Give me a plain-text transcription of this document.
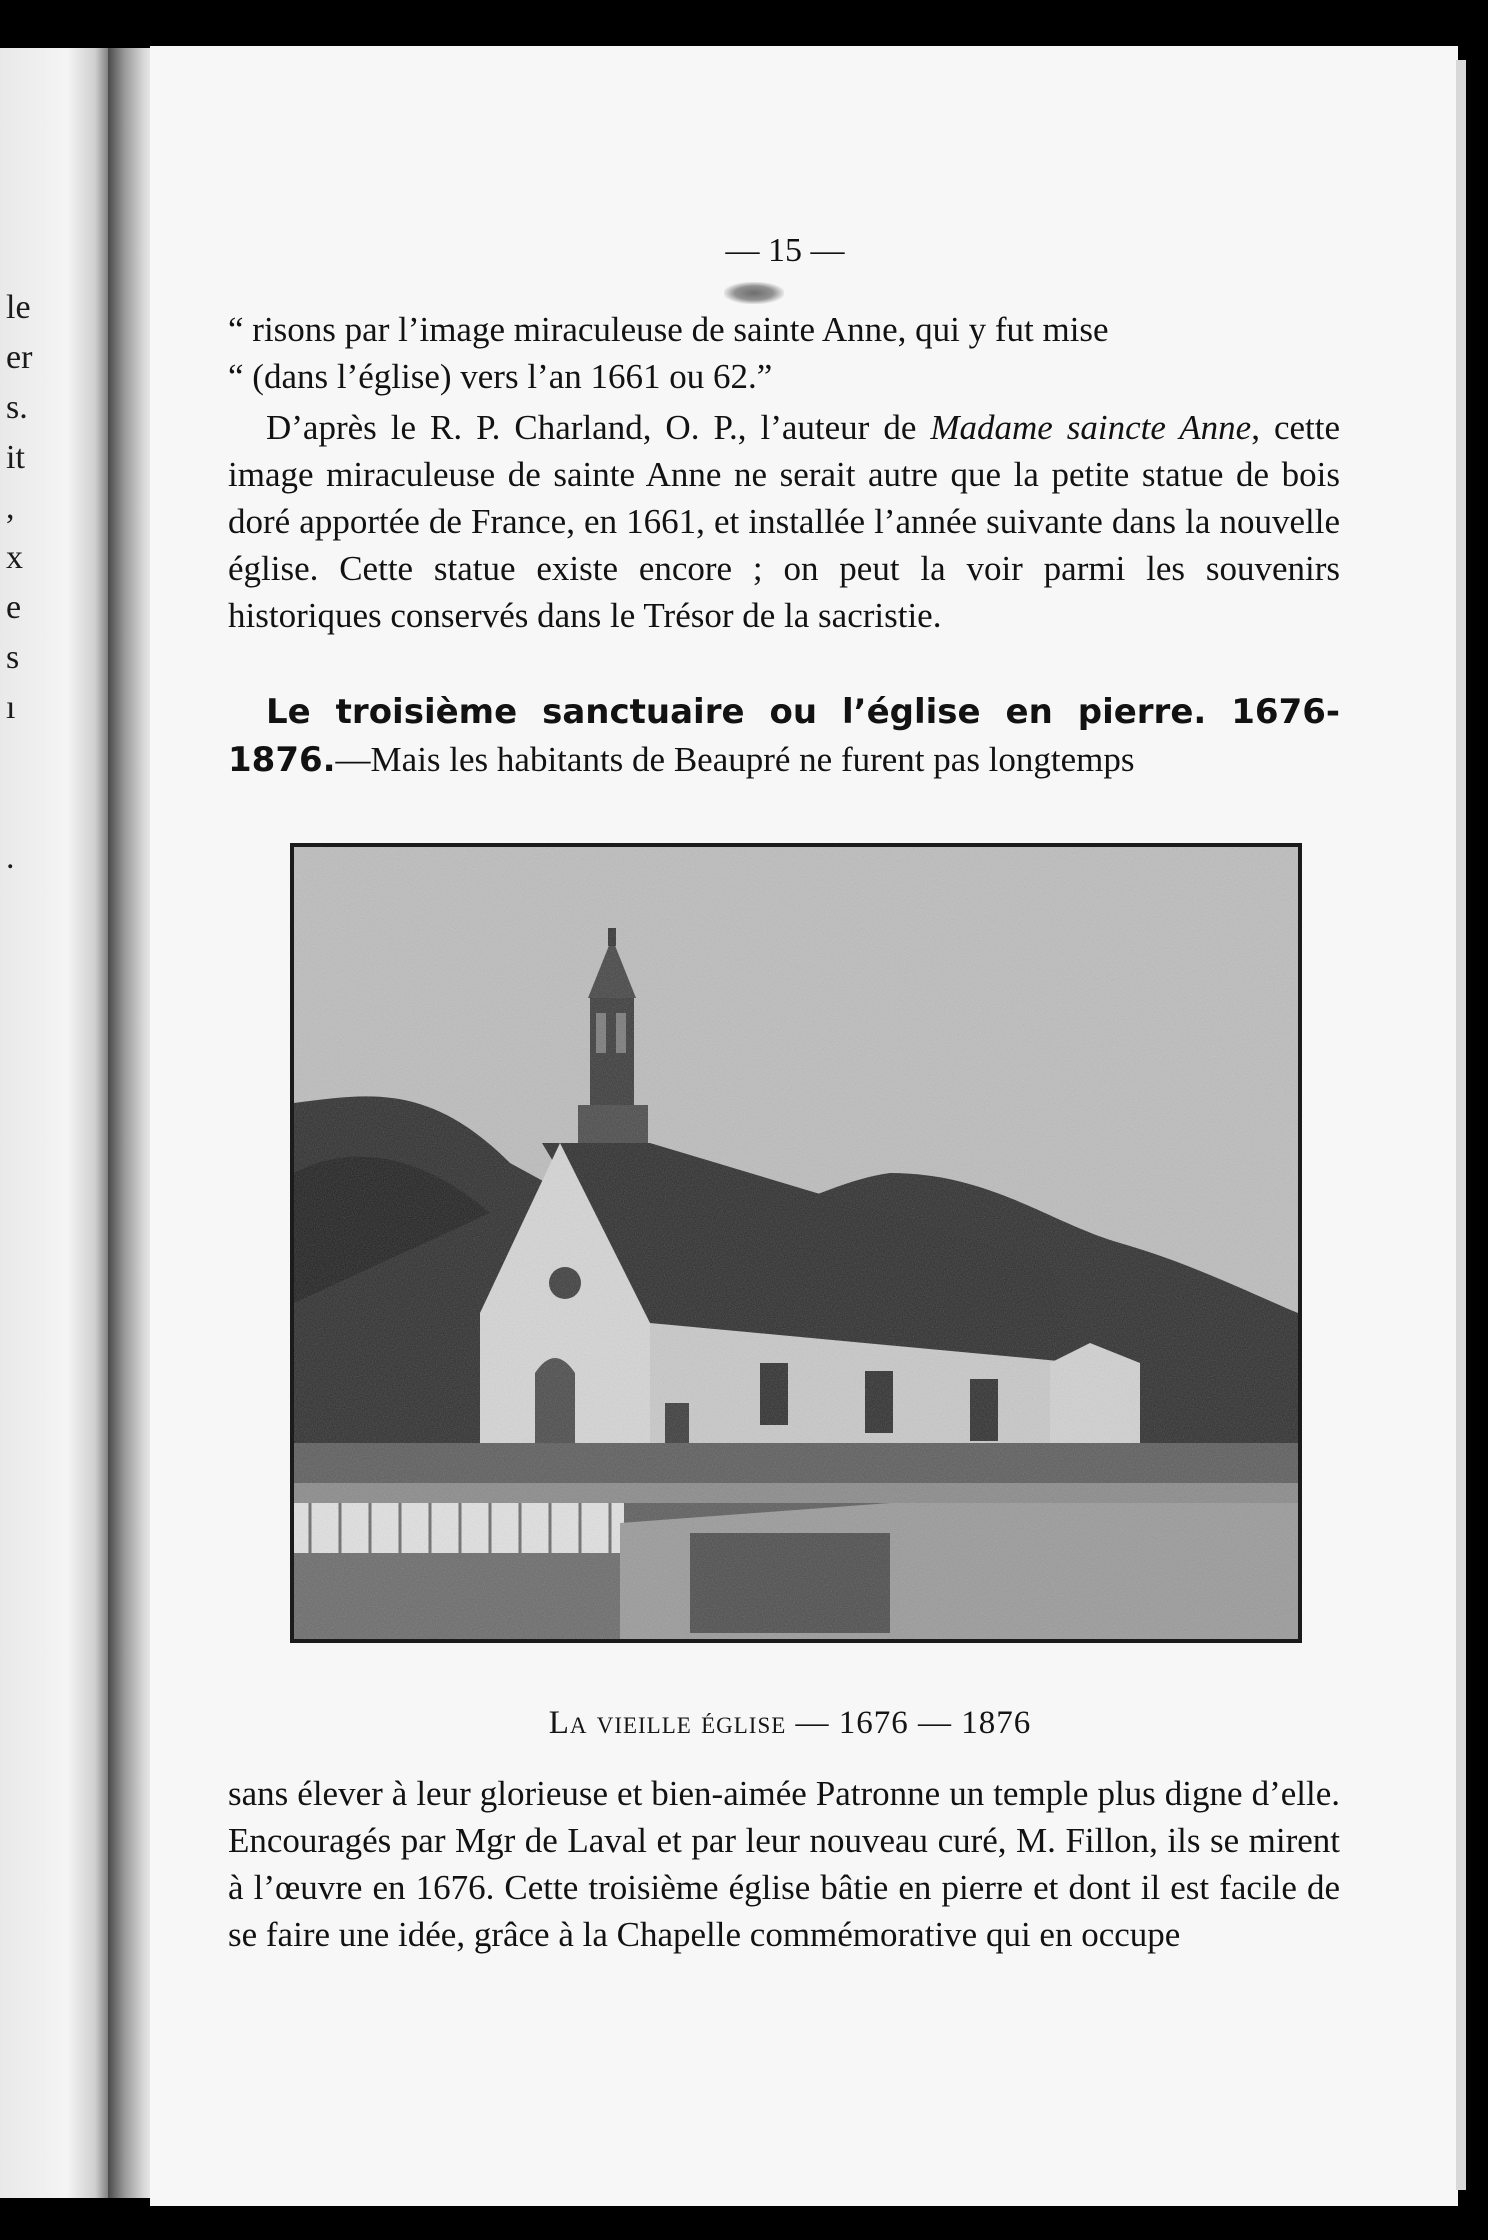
le
er
s.
it
,
x
e
s
ı
.
— 15 —

“ risons par l’image miraculeuse de sainte Anne, qui y fut mise

“ (dans l’église) vers l’an 1661 ou 62.”

D’après le R. P. Charland, O. P., l’auteur de Madame saincte Anne, cette image miraculeuse de sainte Anne ne serait autre que la petite statue de bois doré apportée de France, en 1661, et installée l’année suivante dans la nouvelle église. Cette statue existe encore ; on peut la voir parmi les souvenirs historiques conservés dans le Trésor de la sacristie.

Le troisième sanctuaire ou l’église en pierre. 1676-1876.—Mais les habitants de Beaupré ne furent pas longtemps

La vieille église — 1676 — 1876

sans élever à leur glorieuse et bien-aimée Patronne un temple plus digne d’elle. Encouragés par Mgr de Laval et par leur nouveau curé, M. Fillon, ils se mirent à l’œuvre en 1676. Cette troisième église bâtie en pierre et dont il est facile de se faire une idée, grâce à la Chapelle commémorative qui en occupe
